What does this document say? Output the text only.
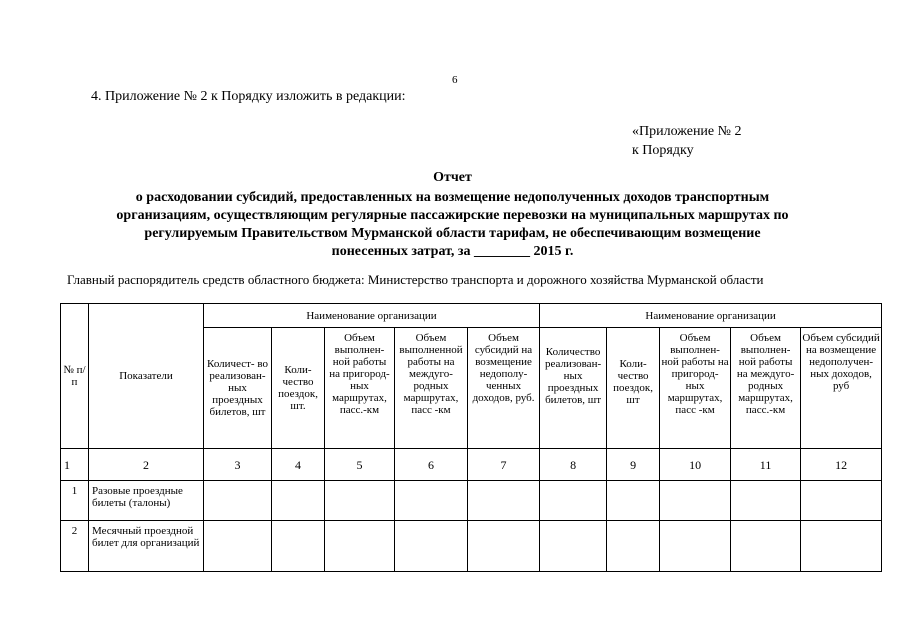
6
4. Приложение № 2 к Порядку изложить в редакции:
«Приложение № 2
к Порядку
Отчет
о расходовании субсидий, предоставленных на возмещение недополученных доходов транспортным
организациям, осуществляющим регулярные пассажирские перевозки на муниципальных маршрутах по
регулируемым Правительством Мурманской области тарифам, не обеспечивающим возмещение
понесенных затрат, за ________ 2015 г.
Главный распорядитель средств областного бюджета: Министерство транспорта и дорожного хозяйства Мурманской области
№ п/п	Показатели	Наименование организации					Наименование организации				
		Количест- во реализован- ных проездных билетов, шт	Коли- чество поездок, шт.	Объем выполнен- ной работы на пригород- ных маршрутах, пасс.-км	Объем
выполненной работы на междуго-
родных маршрутах, пасс -км	Объем субсидий на возмещение недополу- ченных доходов, руб.	Количество реализован- ных проездных билетов, шт	Коли- чество поездок, шт	Объем выполнен- ной работы на пригород- ных маршрутах, пасс -км	Объем выполнен- ной работы на междуго- родных маршрутах, пасс.-км	Объем субсидий на возмещение недополучен- ных доходов, руб
1	2	3	4	5	6	7	8	9	10	11	12
1	Разовые проездные билеты (талоны)										
2	Месячный проездной билет для организаций										
